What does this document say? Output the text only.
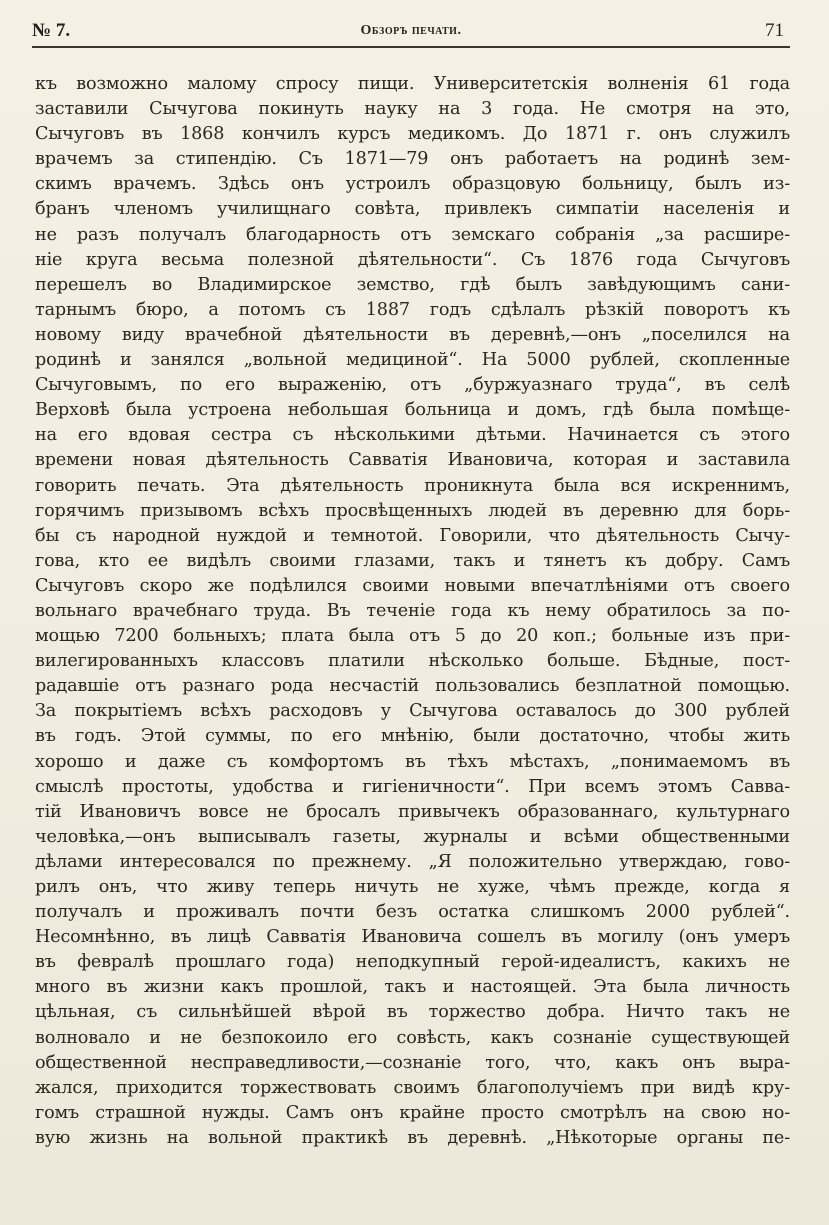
№ 7.	Обзоръ печати.	71
къ возможно малому спросу пищи. Университетскія волненія 61 года
заставили Сычугова покинуть науку на 3 года. Не смотря на это,
Сычуговъ въ 1868 кончилъ курсъ медикомъ. До 1871 г. онъ служилъ
врачемъ за стипендію. Съ 1871—79 онъ работаетъ на родинѣ зем-
скимъ врачемъ. Здѣсь онъ устроилъ образцовую больницу, былъ из-
бранъ членомъ училищнаго совѣта, привлекъ симпатіи населенія и
не разъ получалъ благодарность отъ земскаго собранія „за расшире-
ніе круга весьма полезной дѣятельности“. Съ 1876 года Сычуговъ
перешелъ во Владимирское земство, гдѣ былъ завѣдующимъ сани-
тарнымъ бюро, а потомъ съ 1887 годъ сдѣлалъ рѣзкій поворотъ къ
новому виду врачебной дѣятельности въ деревнѣ,—онъ „поселился на
родинѣ и занялся „вольной медициной“. На 5000 рублей, скопленные
Сычуговымъ, по его выраженію, отъ „буржуазнаго труда“, въ селѣ
Верховѣ была устроена небольшая больница и домъ, гдѣ была помѣще-
на его вдовая сестра съ нѣсколькими дѣтьми. Начинается съ этого
времени новая дѣятельность Савватія Ивановича, которая и заставила
говорить печать. Эта дѣятельность проникнута была вся искреннимъ,
горячимъ призывомъ всѣхъ просвѣщенныхъ людей въ деревню для борь-
бы съ народной нуждой и темнотой. Говорили, что дѣятельность Сычу-
гова, кто ее видѣлъ своими глазами, такъ и тянетъ къ добру. Самъ
Сычуговъ скоро же подѣлился своими новыми впечатлѣніями отъ своего
вольнаго врачебнаго труда. Въ теченіе года къ нему обратилось за по-
мощью 7200 больныхъ; плата была отъ 5 до 20 коп.; больные изъ при-
вилегированныхъ классовъ платили нѣсколько больше. Бѣдные, пост-
радавшіе отъ разнаго рода несчастій пользовались безплатной помощью.
За покрытіемъ всѣхъ расходовъ у Сычугова оставалось до 300 рублей
въ годъ. Этой суммы, по его мнѣнію, были достаточно, чтобы жить
хорошо и даже съ комфортомъ въ тѣхъ мѣстахъ, „понимаемомъ въ
смыслѣ простоты, удобства и гигіеничности“. При всемъ этомъ Савва-
тій Ивановичъ вовсе не бросалъ привычекъ образованнаго, культурнаго
человѣка,—онъ выписывалъ газеты, журналы и всѣми общественными
дѣлами интересовался по прежнему. „Я положительно утверждаю, гово-
рилъ онъ, что живу теперь ничуть не хуже, чѣмъ прежде, когда я
получалъ и проживалъ почти безъ остатка слишкомъ 2000 рублей“.
Несомнѣнно, въ лицѣ Савватія Ивановича сошелъ въ могилу (онъ умеръ
въ февралѣ прошлаго года) неподкупный герой-идеалистъ, какихъ не
много въ жизни какъ прошлой, такъ и настоящей. Эта была личность
цѣльная, съ сильнѣйшей вѣрой въ торжество добра. Ничто такъ не
волновало и не безпокоило его совѣсть, какъ сознаніе существующей
общественной несправедливости,—сознаніе того, что, какъ онъ выра-
жался, приходится торжествовать своимъ благополучіемъ при видѣ кру-
гомъ страшной нужды. Самъ онъ крайне просто смотрѣлъ на свою но-
вую жизнь на вольной практикѣ въ деревнѣ. „Нѣкоторые органы пе-
